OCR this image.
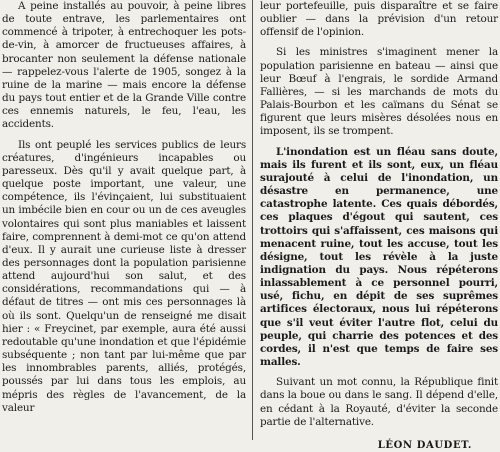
A peine installés au pouvoir, à peine libres de toute entrave, les parlementaires ont commencé à tripoter, à entrechoquer les pots-de-vin, à amorcer de fructueuses affaires, à brocanter non seulement la défense nationale — rappelez-vous l'alerte de 1905, songez à la ruine de la marine — mais encore la défense du pays tout entier et de la Grande Ville contre ces ennemis naturels, le feu, l'eau, les accidents.

Ils ont peuplé les services publics de leurs créatures, d'ingénieurs incapables ou paresseux. Dès qu'il y avait quelque part, à quelque poste important, une valeur, une compétence, ils l'évinçaient, lui substituaient un imbécile bien en cour ou un de ces aveugles volontaires qui sont plus maniables et laissent faire, comprennent à demi-mot ce qu'on attend d'eux. Il y aurait une curieuse liste à dresser des personnages dont la population parisienne attend aujourd'hui son salut, et des considérations, recommandations qui — à défaut de titres — ont mis ces personnages là où ils sont. Quelqu'un de renseigné me disait hier : « Freycinet, par exemple, aura été aussi redoutable qu'une inondation et que l'épidémie subséquente ; non tant par lui-même que par les innombrables parents, alliés, protégés, poussés par lui dans tous les emplois, au mépris des règles de l'avancement, de la valeur

leur portefeuille, puis disparaître et se faire oublier — dans la prévision d'un retour offensif de l'opinion.

Si les ministres s'imaginent mener la population parisienne en bateau — ainsi que leur Bœuf à l'engrais, le sordide Armand Fallières, — si les marchands de mots du Palais-Bourbon et les caïmans du Sénat se figurent que leurs misères désolées nous en imposent, ils se trompent.

L'inondation est un fléau sans doute, mais ils furent et ils sont, eux, un fléau surajouté à celui de l'inondation, un désastre en permanence, une catastrophe latente. Ces quais débordés, ces plaques d'égout qui sautent, ces trottoirs qui s'affaissent, ces maisons qui menacent ruine, tout les accuse, tout les désigne, tout les révèle à la juste indignation du pays. Nous répéterons inlassablement à ce personnel pourri, usé, fichu, en dépit de ses suprêmes artifices électoraux, nous lui répéterons que s'il veut éviter l'autre flot, celui du peuple, qui charrie des potences et des cordes, il n'est que temps de faire ses malles.

Suivant un mot connu, la République finit dans la boue ou dans le sang. Il dépend d'elle, en cédant à la Royauté, d'éviter la seconde partie de l'alternative.

LÉON DAUDET.
